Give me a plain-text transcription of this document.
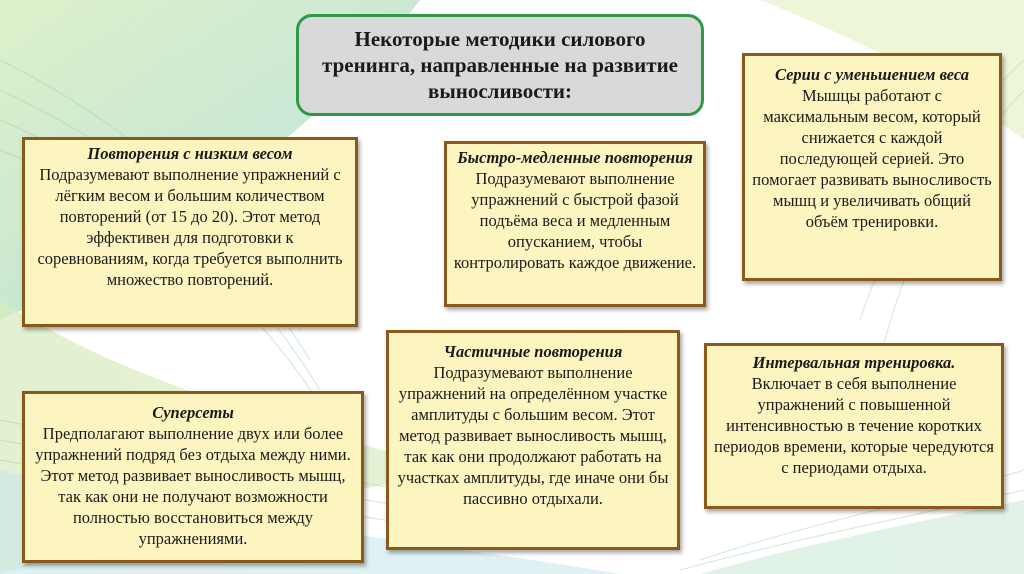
Некоторые методики силового тренинга, направленные на развитие выносливости:
Повторения с низким весом
Подразумевают выполнение упражнений с лёгким весом и большим количеством повторений (от 15 до 20). Этот метод эффективен для подготовки к соревнованиям, когда требуется выполнить множество повторений.
Быстро-медленные повторения Подразумевают выполнение упражнений с быстрой фазой подъёма веса и медленным опусканием, чтобы контролировать каждое движение.
Серии с уменьшением веса
Мышцы работают с максимальным весом, который снижается с каждой последующей серией. Это помогает развивать выносливость мышц и увеличивать общий объём тренировки.
Частичные повторения
Подразумевают выполнение упражнений на определённом участке амплитуды с большим весом. Этот метод развивает выносливость мышц, так как они продолжают работать на участках амплитуды, где иначе они бы пассивно отдыхали.
Суперсеты
Предполагают выполнение двух или более упражнений подряд без отдыха между ними. Этот метод развивает выносливость мышц, так как они не получают возможности полностью восстановиться между упражнениями.
Интервальная тренировка.
Включает в себя выполнение упражнений с повышенной интенсивностью в течение коротких периодов времени, которые чередуются с периодами отдыха.
